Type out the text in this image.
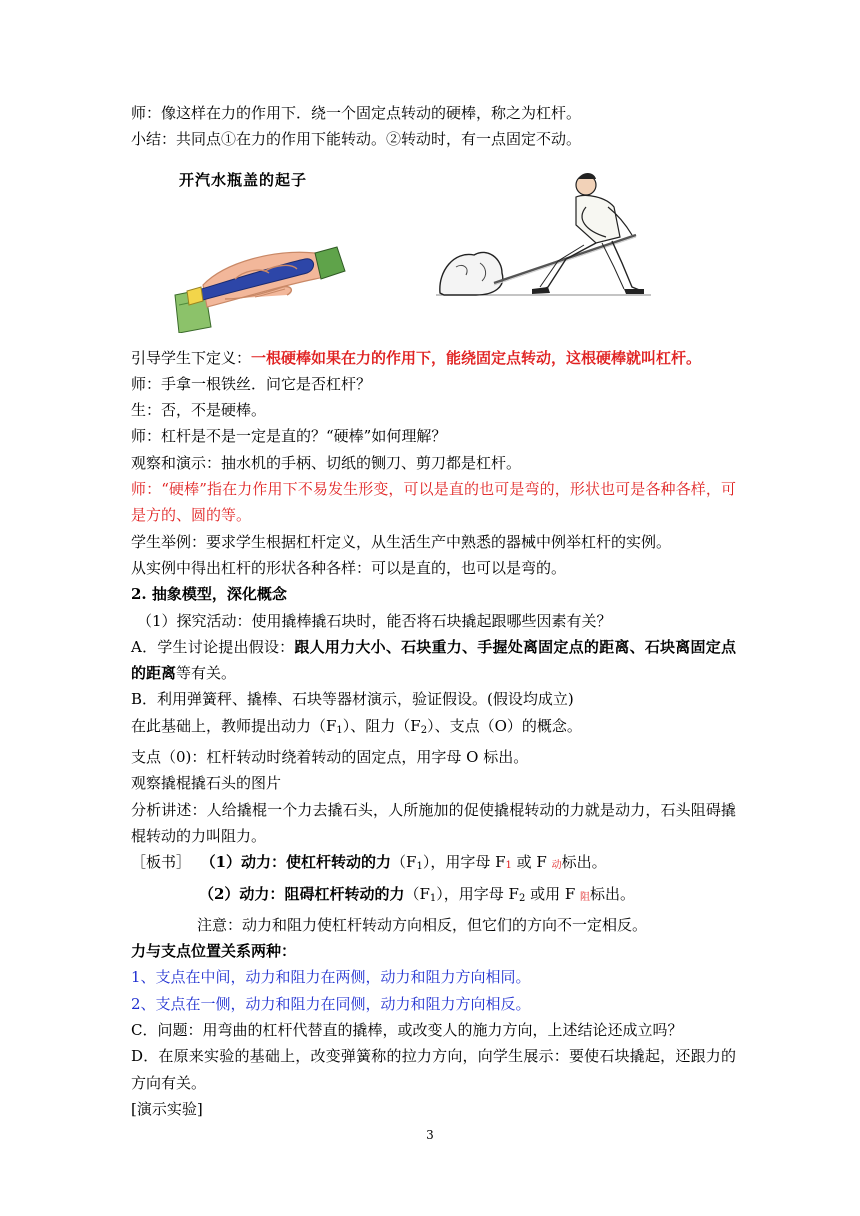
师：像这样在力的作用下．绕一个固定点转动的硬棒，称之为杠杆。

小结：共同点①在力的作用下能转动。②转动时，有一点固定不动。

开汽水瓶盖的起子

引导学生下定义：一根硬棒如果在力的作用下，能绕固定点转动，这根硬棒就叫杠杆。

师：手拿一根铁丝．问它是否杠杆？

生：否，不是硬棒。

师：杠杆是不是一定是直的？“硬棒”如何理解？

观察和演示：抽水机的手柄、切纸的铡刀、剪刀都是杠杆。

师：“硬棒”指在力作用下不易发生形变，可以是直的也可是弯的，形状也可是各种各样，可是方的、圆的等。

学生举例：要求学生根据杠杆定义，从生活生产中熟悉的器械中例举杠杆的实例。

从实例中得出杠杆的形状各种各样：可以是直的，也可以是弯的。

2. 抽象模型，深化概念

（1）探究活动：使用撬棒撬石块时，能否将石块撬起跟哪些因素有关？

A．学生讨论提出假设：跟人用力大小、石块重力、手握处离固定点的距离、石块离固定点的距离等有关。

B．利用弹簧秤、撬棒、石块等器材演示，验证假设。(假设均成立)

在此基础上，教师提出动力$(F_1)$、阻力$(F_2)$、支点（O）的概念。

支点（0)：杠杆转动时绕着转动的固定点，用字母 O 标出。

观察撬棍撬石头的图片

分析讲述：人给撬棍一个力去撬石头，人所施加的促使撬棍转动的力就是动力，石头阻碍撬棍转动的力叫阻力。

［板书］ （1）动力：使杠杆转动的力$(F_1)$，用字母 F1 或 F 动标出。

（2）动力：阻碍杠杆转动的力$(F_1)$，用字母 $F_2$ 或用 F 阻标出。

注意：动力和阻力使杠杆转动方向相反，但它们的方向不一定相反。

力与支点位置关系两种：

1、支点在中间，动力和阻力在两侧，动力和阻力方向相同。

2、支点在一侧，动力和阻力在同侧，动力和阻力方向相反。

C．问题：用弯曲的杠杆代替直的撬棒，或改变人的施力方向，上述结论还成立吗？

D．在原来实验的基础上，改变弹簧称的拉力方向，向学生展示：要使石块撬起，还跟力的方向有关。

[演示实验]

3
